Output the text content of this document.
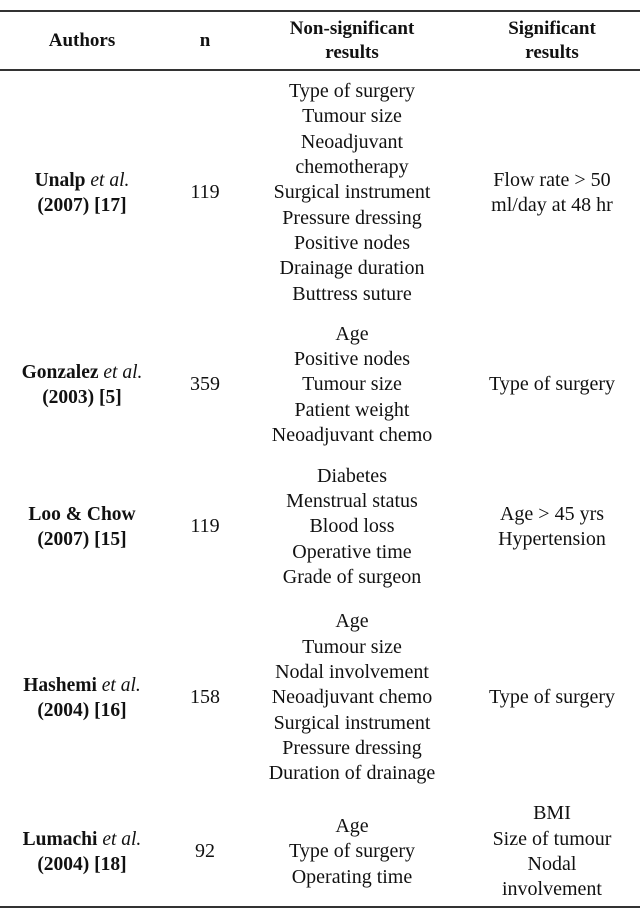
Authors	n
Non-significant
results
Significant
results
Unalp et al.
(2007) [17]
119
Type of surgery
Tumour size
Neoadjuvant
chemotherapy
Surgical instrument
Pressure dressing
Positive nodes
Drainage duration
Buttress suture
Flow rate > 50
ml/day at 48 hr
Gonzalez et al.
(2003) [5]
359
Age
Positive nodes
Tumour size
Patient weight
Neoadjuvant chemo
Type of surgery
Loo & Chow
(2007) [15]
119
Diabetes
Menstrual status
Blood loss
Operative time
Grade of surgeon
Age > 45 yrs
Hypertension
Hashemi et al.
(2004) [16]
158
Age
Tumour size
Nodal involvement
Neoadjuvant chemo
Surgical instrument
Pressure dressing
Duration of drainage
Type of surgery
Lumachi et al.
(2004) [18]
92
Age
Type of surgery
Operating time
BMI
Size of tumour
Nodal
involvement
